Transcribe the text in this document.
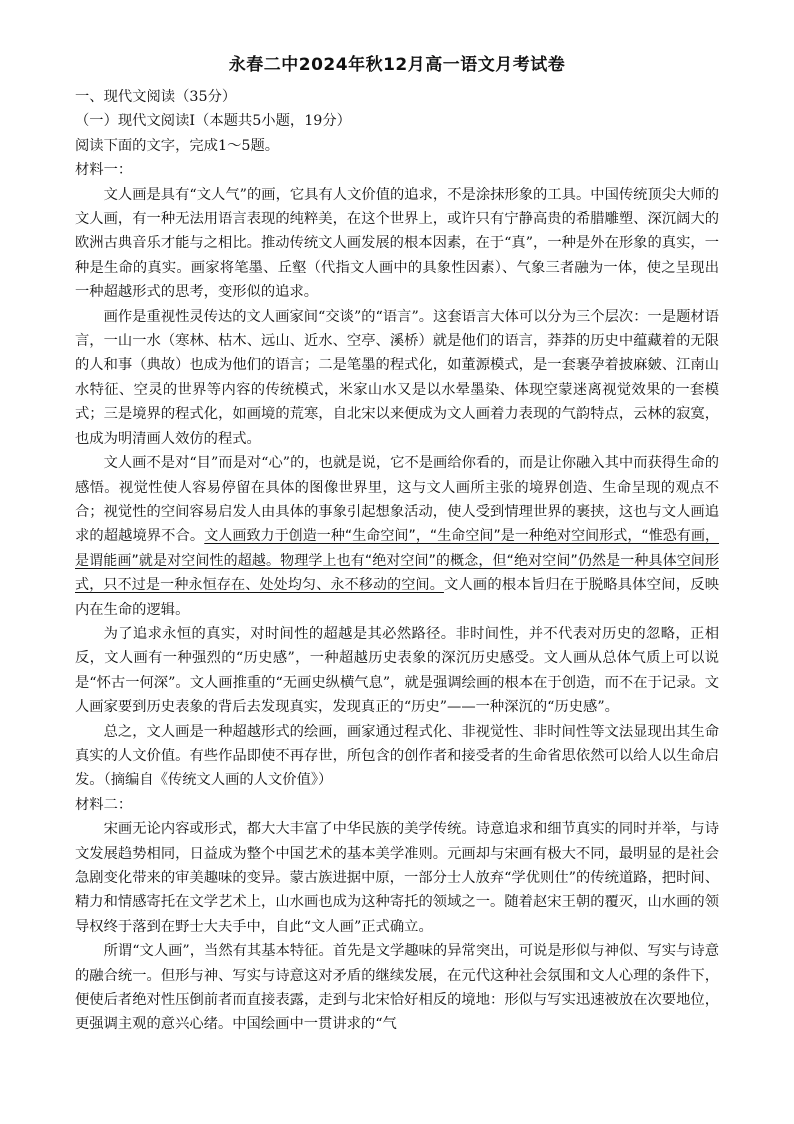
永春二中2024年秋12月高一语文月考试卷

一、现代文阅读（35分）

（一）现代文阅读Ⅰ（本题共5小题，19分）

阅读下面的文字，完成1～5题。

材料一：

文人画是具有“文人气”的画，它具有人文价值的追求，不是涂抹形象的工具。中国传统顶尖大师的文人画，有一种无法用语言表现的纯粹美，在这个世界上，或许只有宁静高贵的希腊雕塑、深沉阔大的欧洲古典音乐才能与之相比。推动传统文人画发展的根本因素，在于“真”，一种是外在形象的真实，一种是生命的真实。画家将笔墨、丘壑（代指文人画中的具象性因素）、气象三者融为一体，使之呈现出一种超越形式的思考，变形似的追求。

画作是重视性灵传达的文人画家间“交谈”的“语言”。这套语言大体可以分为三个层次：一是题材语言，一山一水（寒林、枯木、远山、近水、空亭、溪桥）就是他们的语言，莽莽的历史中蕴藏着的无限的人和事（典故）也成为他们的语言；二是笔墨的程式化，如董源模式，是一套裹孕着披麻皴、江南山水特征、空灵的世界等内容的传统模式，米家山水又是以水晕墨染、体现空蒙迷离视觉效果的一套模式；三是境界的程式化，如画境的荒寒，自北宋以来便成为文人画着力表现的气韵特点，云林的寂寞，也成为明清画人效仿的程式。

文人画不是对“目”而是对“心”的，也就是说，它不是画给你看的，而是让你融入其中而获得生命的感悟。视觉性使人容易停留在具体的图像世界里，这与文人画所主张的境界创造、生命呈现的观点不合；视觉性的空间容易启发人由具体的事象引起想象活动，使人受到情理世界的裹挟，这也与文人画追求的超越境界不合。文人画致力于创造一种“生命空间”，“生命空间”是一种绝对空间形式，“惟恐有画，是谓能画”就是对空间性的超越。物理学上也有“绝对空间”的概念，但“绝对空间”仍然是一种具体空间形式，只不过是一种永恒存在、处处均匀、永不移动的空间。文人画的根本旨归在于脱略具体空间，反映内在生命的逻辑。

为了追求永恒的真实，对时间性的超越是其必然路径。非时间性，并不代表对历史的忽略，正相反，文人画有一种强烈的“历史感”，一种超越历史表象的深沉历史感受。文人画从总体气质上可以说是“怀古一何深”。文人画推重的“无画史纵横气息”，就是强调绘画的根本在于创造，而不在于记录。文人画家要到历史表象的背后去发现真实，发现真正的“历史”——一种深沉的“历史感”。

总之，文人画是一种超越形式的绘画，画家通过程式化、非视觉性、非时间性等文法显现出其生命真实的人文价值。有些作品即使不再存世，所包含的创作者和接受者的生命省思依然可以给人以生命启发。（摘编自《传统文人画的人文价值》）

材料二：

宋画无论内容或形式，都大大丰富了中华民族的美学传统。诗意追求和细节真实的同时并举，与诗文发展趋势相同，日益成为整个中国艺术的基本美学准则。元画却与宋画有极大不同，最明显的是社会急剧变化带来的审美趣味的变异。蒙古族进据中原，一部分士人放弃“学优则仕”的传统道路，把时间、精力和情感寄托在文学艺术上，山水画也成为这种寄托的领域之一。随着赵宋王朝的覆灭，山水画的领导权终于落到在野士大夫手中，自此“文人画”正式确立。

所谓“文人画”，当然有其基本特征。首先是文学趣味的异常突出，可说是形似与神似、写实与诗意的融合统一。但形与神、写实与诗意这对矛盾的继续发展，在元代这种社会氛围和文人心理的条件下，便使后者绝对性压倒前者而直接表露，走到与北宋恰好相反的境地：形似与写实迅速被放在次要地位，更强调主观的意兴心绪。中国绘画中一贯讲求的“气
